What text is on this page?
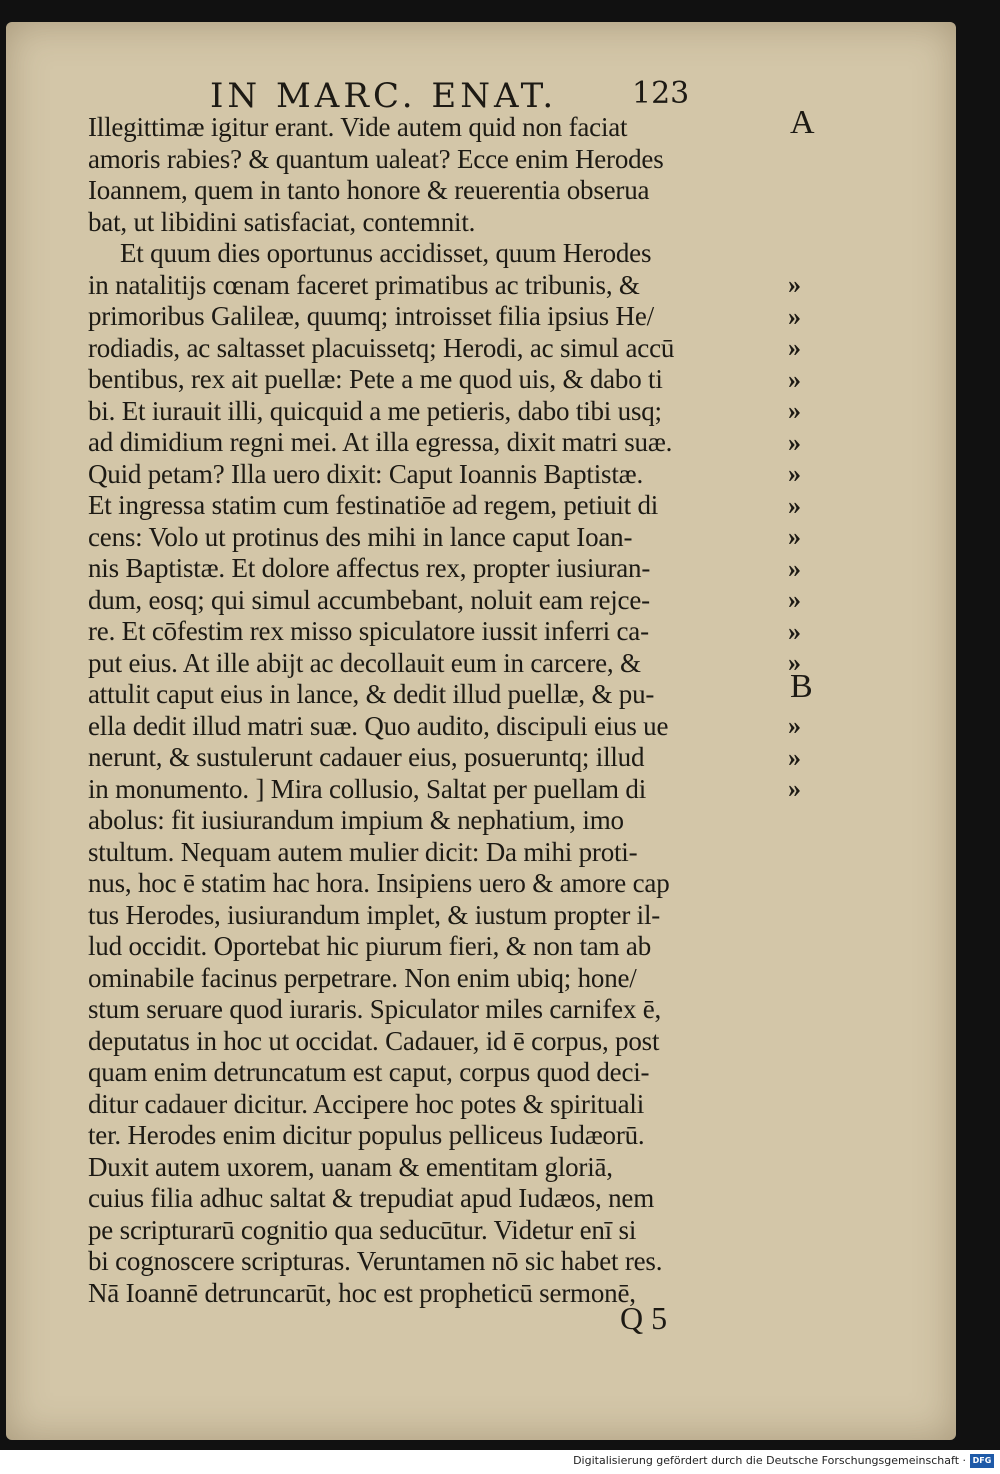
IN MARC. ENAT. 123
A
B
Illegittimæ igitur erant. Vide autem quid non faciat
amoris rabies? & quantum ualeat? Ecce enim Herodes
Ioannem, quem in tanto honore & reuerentia obserua
bat, ut libidini satisfaciat, contemnit.
Et quum dies oportunus accidisset, quum Herodes
in natalitijs cœnam faceret primatibus ac tribunis, &
primoribus Galileæ, quumq; introisset filia ipsius He/
rodiadis, ac saltasset placuissetq; Herodi, ac simul accū
bentibus, rex ait puellæ: Pete a me quod uis, & dabo ti
bi. Et iurauit illi, quicquid a me petieris, dabo tibi usq;
ad dimidium regni mei. At illa egressa, dixit matri suæ.
Quid petam? Illa uero dixit: Caput Ioannis Baptistæ.
Et ingressa statim cum festinatiōe ad regem, petiuit di
cens: Volo ut protinus des mihi in lance caput Ioan-
nis Baptistæ. Et dolore affectus rex, propter iusiuran-
dum, eosq; qui simul accumbebant, noluit eam rejce-
re. Et cōfestim rex misso spiculatore iussit inferri ca-
put eius. At ille abijt ac decollauit eum in carcere, &
attulit caput eius in lance, & dedit illud puellæ, & pu-
ella dedit illud matri suæ. Quo audito, discipuli eius ue
nerunt, & sustulerunt cadauer eius, posueruntq; illud
in monumento. ] Mira collusio, Saltat per puellam di
abolus: fit iusiurandum impium & nephatium, imo
stultum. Nequam autem mulier dicit: Da mihi proti-
nus, hoc ē statim hac hora. Insipiens uero & amore cap
tus Herodes, iusiurandum implet, & iustum propter il-
lud occidit. Oportebat hic piurum fieri, & non tam ab
ominabile facinus perpetrare. Non enim ubiq; hone/
stum seruare quod iuraris. Spiculator miles carnifex ē,
deputatus in hoc ut occidat. Cadauer, id ē corpus, post
quam enim detruncatum est caput, corpus quod deci-
ditur cadauer dicitur. Accipere hoc potes & spirituali
ter. Herodes enim dicitur populus pelliceus Iudæorū.
Duxit autem uxorem, uanam & ementitam gloriā,
cuius filia adhuc saltat & trepudiat apud Iudæos, nem
pe scripturarū cognitio qua seducūtur. Videtur enī si
bi cognoscere scripturas. Veruntamen nō sic habet res.
Nā Ioannē detruncarūt, hoc est propheticū sermonē,
»
»
»
»
»
»
»
»
»
»
»
»
»
»
»
»
Q 5
Digitalisierung gefördert durch die Deutsche Forschungsgemeinschaft · DFG
